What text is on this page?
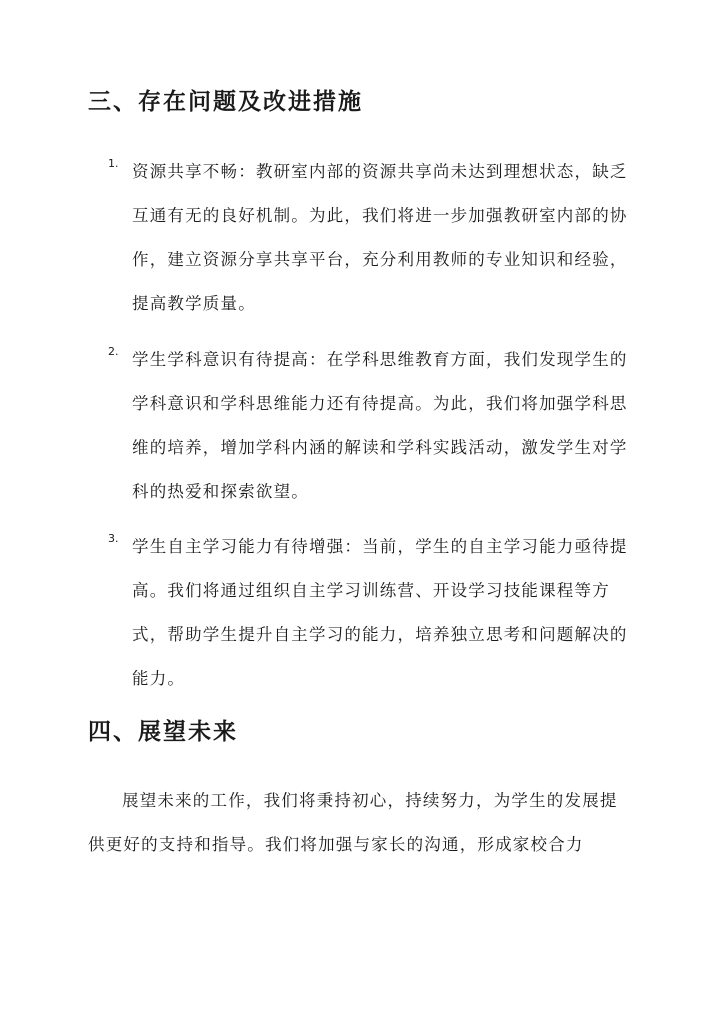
三、存在问题及改进措施
1. 资源共享不畅：教研室内部的资源共享尚未达到理想状态，缺乏互通有无的良好机制。为此，我们将进一步加强教研室内部的协作，建立资源分享共享平台，充分利用教师的专业知识和经验，提高教学质量。

2. 学生学科意识有待提高：在学科思维教育方面，我们发现学生的学科意识和学科思维能力还有待提高。为此，我们将加强学科思维的培养，增加学科内涵的解读和学科实践活动，激发学生对学科的热爱和探索欲望。

3. 学生自主学习能力有待增强：当前，学生的自主学习能力亟待提高。我们将通过组织自主学习训练营、开设学习技能课程等方式，帮助学生提升自主学习的能力，培养独立思考和问题解决的能力。

四、展望未来

展望未来的工作，我们将秉持初心，持续努力，为学生的发展提供更好的支持和指导。我们将加强与家长的沟通，形成家校合力
